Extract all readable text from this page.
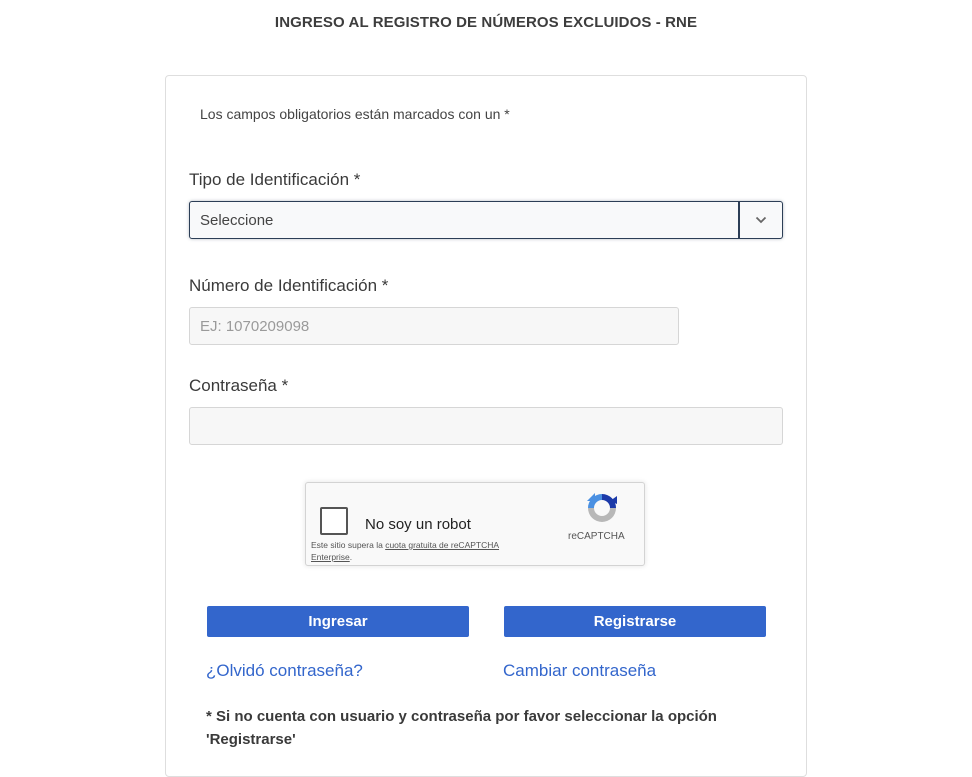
INGRESO AL REGISTRO DE NÚMEROS EXCLUIDOS - RNE
Los campos obligatorios están marcados con un *
Tipo de Identificación *
Seleccione
Número de Identificación *
EJ: 1070209098
Contraseña *
No soy un robot
Este sitio supera la cuota gratuita de reCAPTCHA Enterprise.
reCAPTCHA
Ingresar	Registrarse
¿Olvidó contraseña?	Cambiar contraseña
* Si no cuenta con usuario y contraseña por favor seleccionar la opción
'Registrarse'
